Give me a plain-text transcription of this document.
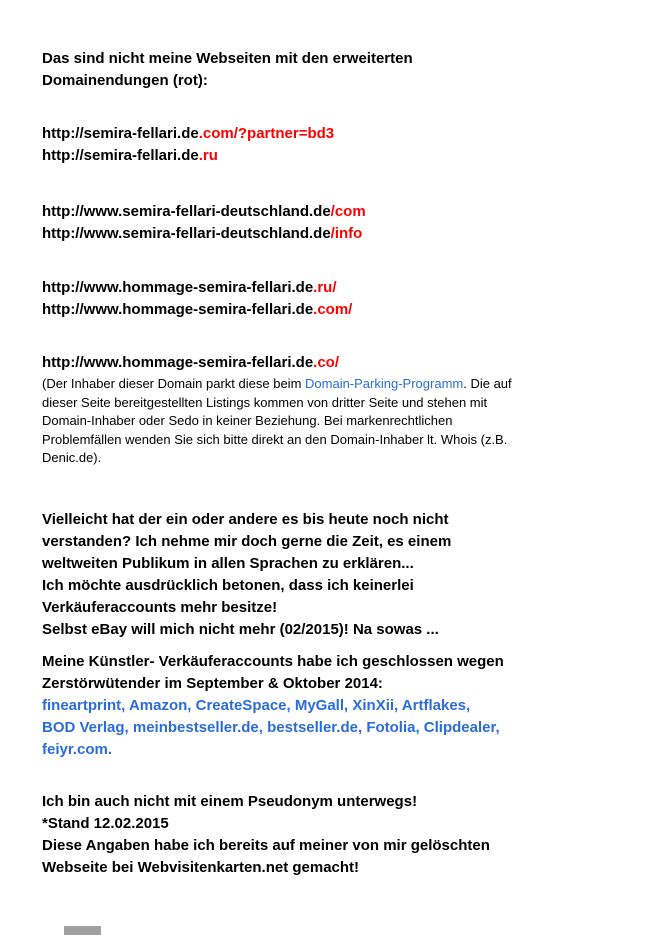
Das sind nicht meine Webseiten mit den erweiterten
Domainendungen (rot):
http://semira-fellari.de.com/?partner=bd3
http://semira-fellari.de.ru
http://www.semira-fellari-deutschland.de/com
http://www.semira-fellari-deutschland.de/info
http://www.hommage-semira-fellari.de.ru/
http://www.hommage-semira-fellari.de.com/
http://www.hommage-semira-fellari.de.co/
(Der Inhaber dieser Domain parkt diese beim Domain-Parking-Programm. Die auf
dieser Seite bereitgestellten Listings kommen von dritter Seite und stehen mit
Domain-Inhaber oder Sedo in keiner Beziehung. Bei markenrechtlichen
Problemfällen wenden Sie sich bitte direkt an den Domain-Inhaber lt. Whois (z.B.
Denic.de).
Vielleicht hat der ein oder andere es bis heute noch nicht
verstanden? Ich nehme mir doch gerne die Zeit, es einem
weltweiten Publikum in allen Sprachen zu erklären...
Ich möchte ausdrücklich betonen, dass ich keinerlei
Verkäuferaccounts mehr besitze!
Selbst eBay will mich nicht mehr (02/2015)! Na sowas ...
Meine Künstler- Verkäuferaccounts habe ich geschlossen wegen
Zerstörwütender im September & Oktober 2014:
fineartprint, Amazon, CreateSpace, MyGall, XinXii, Artflakes,
BOD Verlag, meinbestseller.de, bestseller.de, Fotolia, Clipdealer,
feiyr.com.
Ich bin auch nicht mit einem Pseudonym unterwegs!
*Stand 12.02.2015
Diese Angaben habe ich bereits auf meiner von mir gelöschten
Webseite bei Webvisitenkarten.net gemacht!
